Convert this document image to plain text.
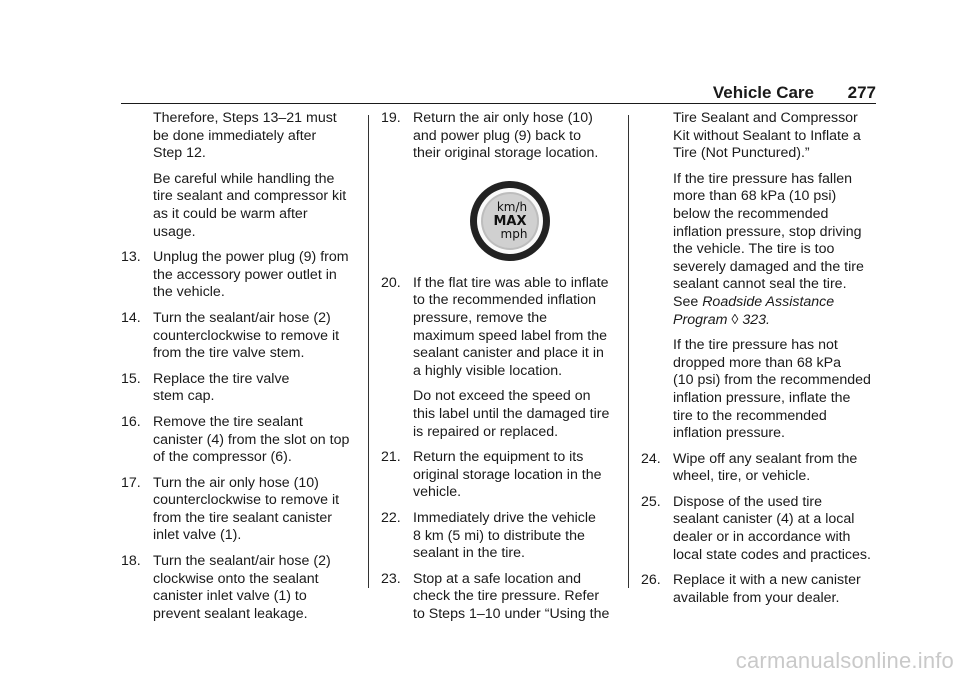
Vehicle Care 277
Therefore, Steps 13–21 must
be done immediately after
Step 12.
Be careful while handling the
tire sealant and compressor kit
as it could be warm after
usage.
13. Unplug the power plug (9) from
the accessory power outlet in
the vehicle.
14. Turn the sealant/air hose (2)
counterclockwise to remove it
from the tire valve stem.
15. Replace the tire valve
stem cap.
16. Remove the tire sealant
canister (4) from the slot on top
of the compressor (6).
17. Turn the air only hose (10)
counterclockwise to remove it
from the tire sealant canister
inlet valve (1).
18. Turn the sealant/air hose (2)
clockwise onto the sealant
canister inlet valve (1) to
prevent sealant leakage.
19. Return the air only hose (10)
and power plug (9) back to
their original storage location.
km/h
MAX
mph
20. If the flat tire was able to inflate
to the recommended inflation
pressure, remove the
maximum speed label from the
sealant canister and place it in
a highly visible location.
Do not exceed the speed on
this label until the damaged tire
is repaired or replaced.
21. Return the equipment to its
original storage location in the
vehicle.
22. Immediately drive the vehicle
8 km (5 mi) to distribute the
sealant in the tire.
23. Stop at a safe location and
check the tire pressure. Refer
to Steps 1–10 under “Using the
Tire Sealant and Compressor
Kit without Sealant to Inflate a
Tire (Not Punctured).”
If the tire pressure has fallen
more than 68 kPa (10 psi)
below the recommended
inflation pressure, stop driving
the vehicle. The tire is too
severely damaged and the tire
sealant cannot seal the tire.
See Roadside Assistance
Program ◊ 323.
If the tire pressure has not
dropped more than 68 kPa
(10 psi) from the recommended
inflation pressure, inflate the
tire to the recommended
inflation pressure.
24. Wipe off any sealant from the
wheel, tire, or vehicle.
25. Dispose of the used tire
sealant canister (4) at a local
dealer or in accordance with
local state codes and practices.
26. Replace it with a new canister
available from your dealer.
carmanualsonline.info
